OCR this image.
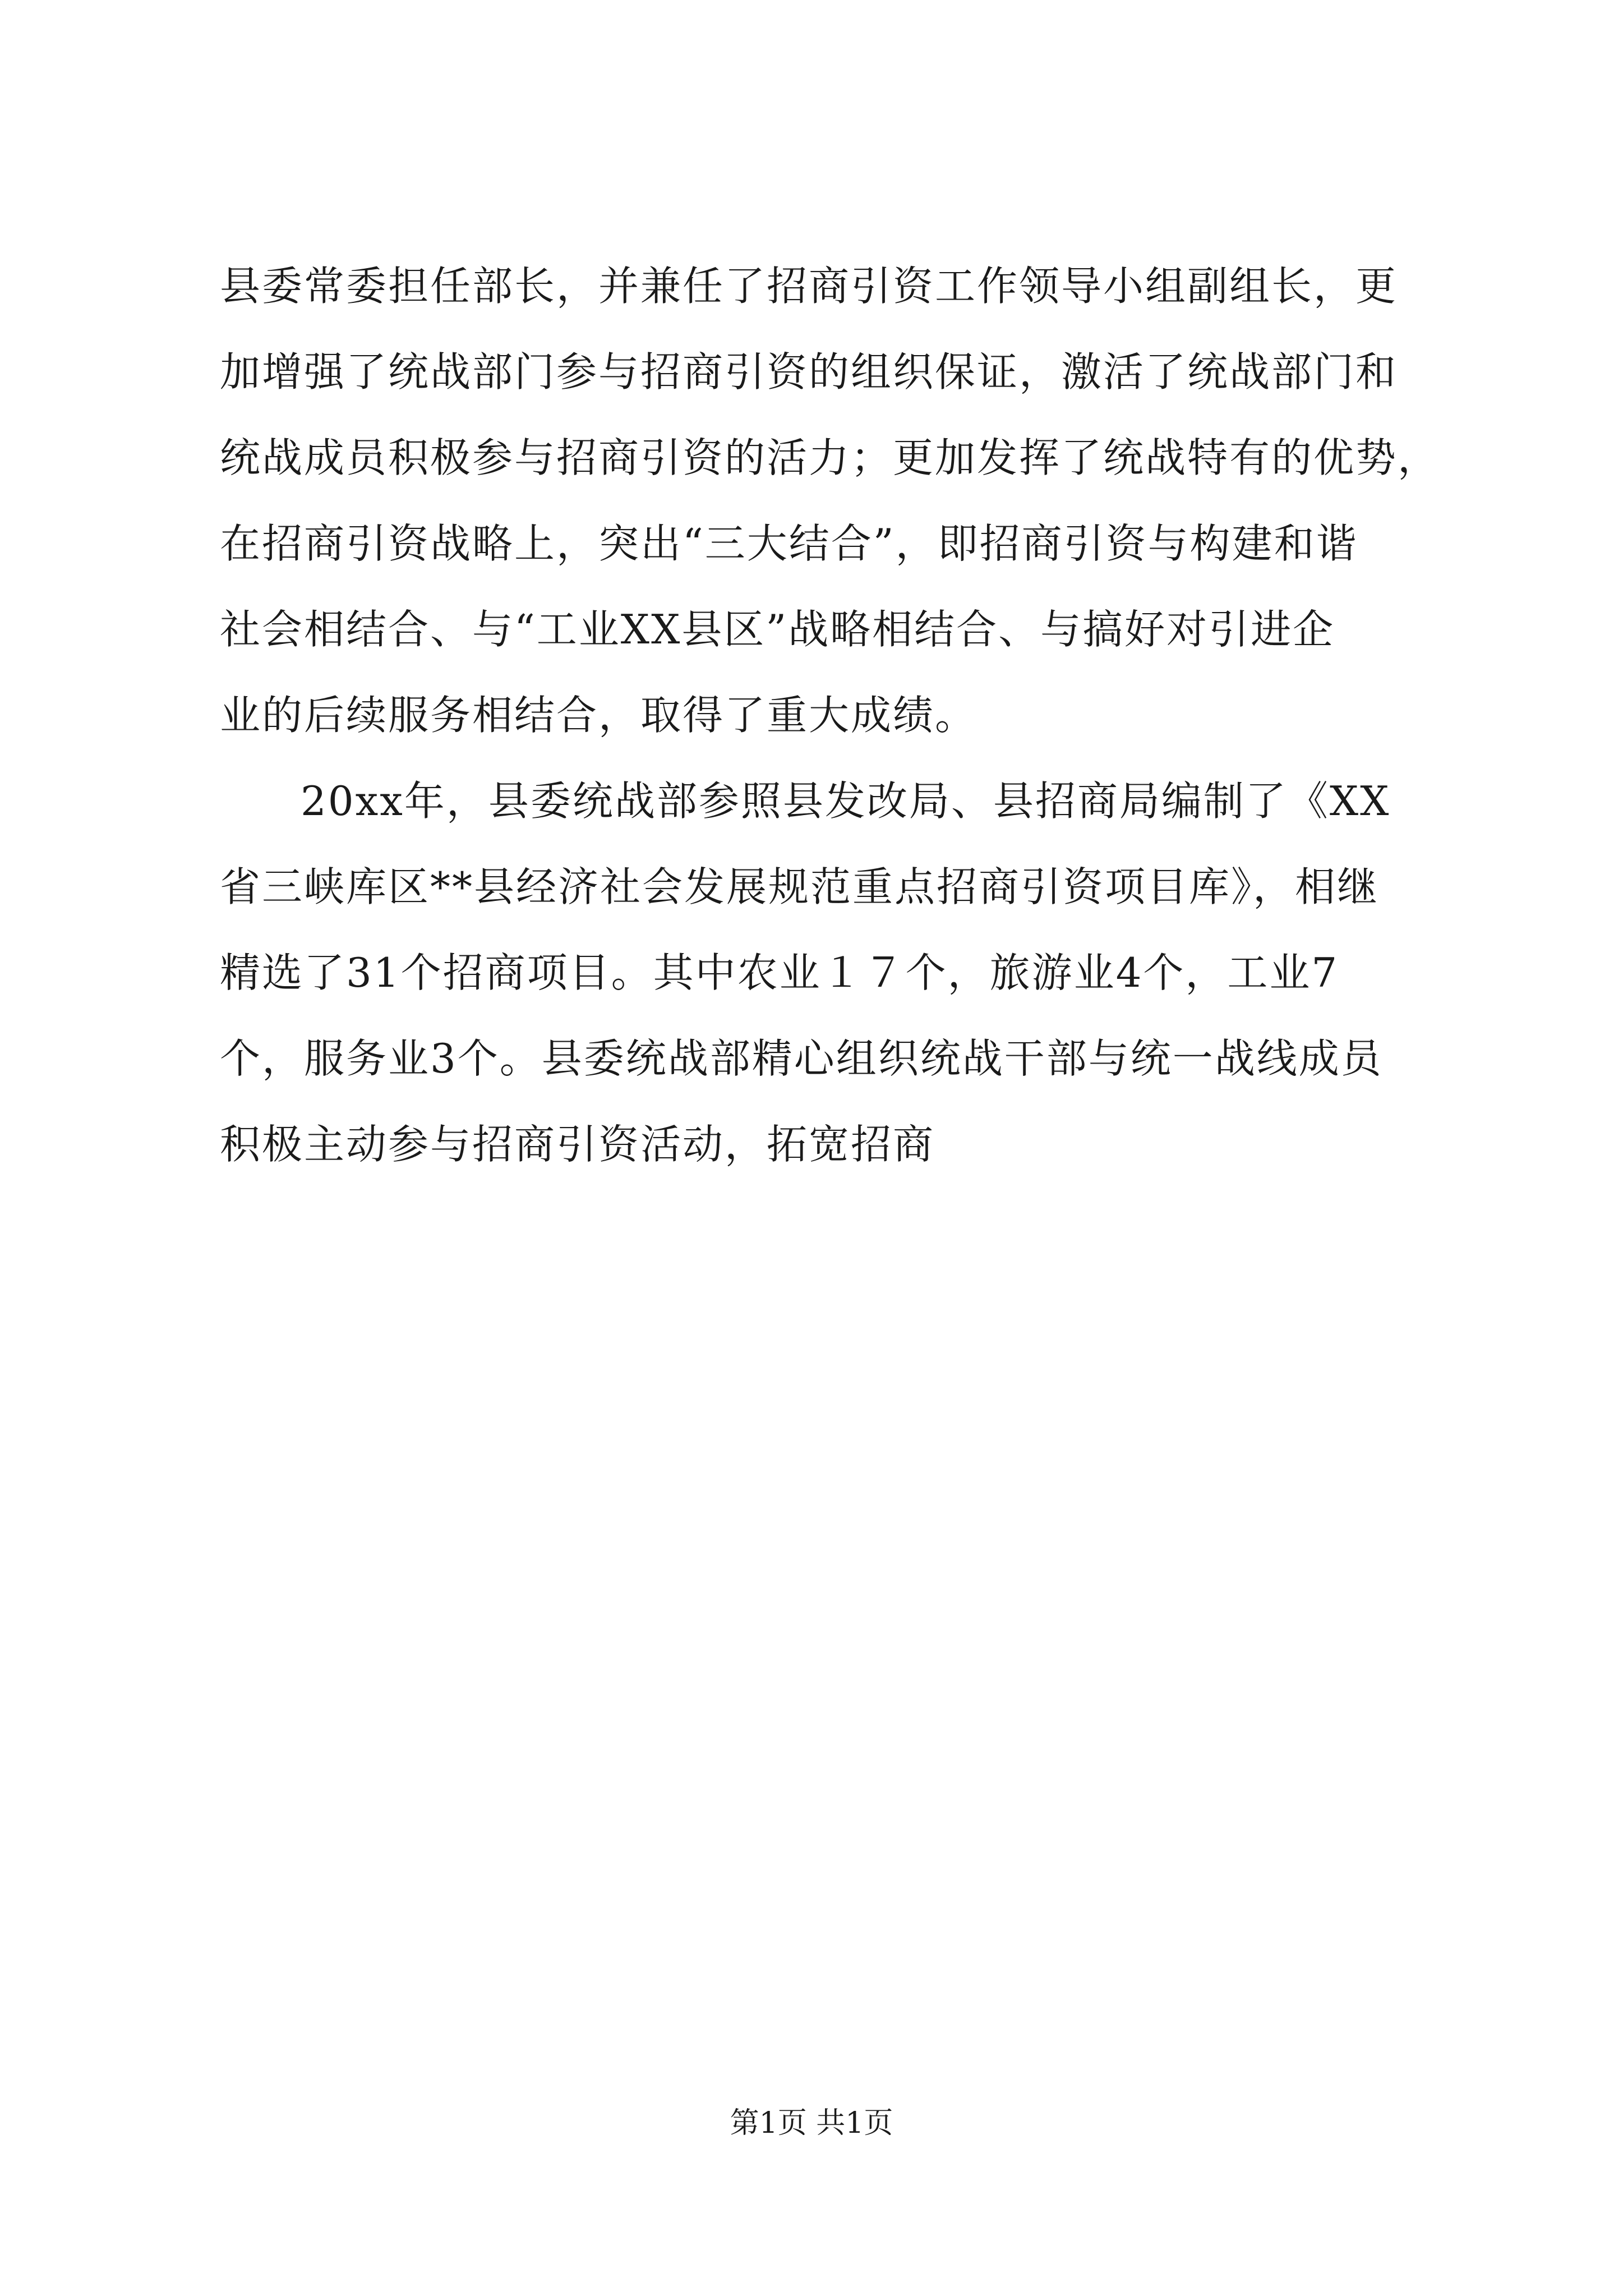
县委常委担任部长，并兼任了招商引资工作领导小组副组长，更
加增强了统战部门参与招商引资的组织保证，激活了统战部门和
统战成员积极参与招商引资的活力；更加发挥了统战特有的优势，
在招商引资战略上，突出“三大结合”，即招商引资与构建和谐
社会相结合、与“工业XX县区”战略相结合、与搞好对引进企
业的后续服务相结合，取得了重大成绩。
20xx年，县委统战部参照县发改局、县招商局编制了《XX
省三峡库区**县经济社会发展规范重点招商引资项目库》，相继
精选了31个招商项目。其中农业１７个，旅游业4个，工业7
个，服务业3个。县委统战部精心组织统战干部与统一战线成员
积极主动参与招商引资活动，拓宽招商
第1页 共1页
